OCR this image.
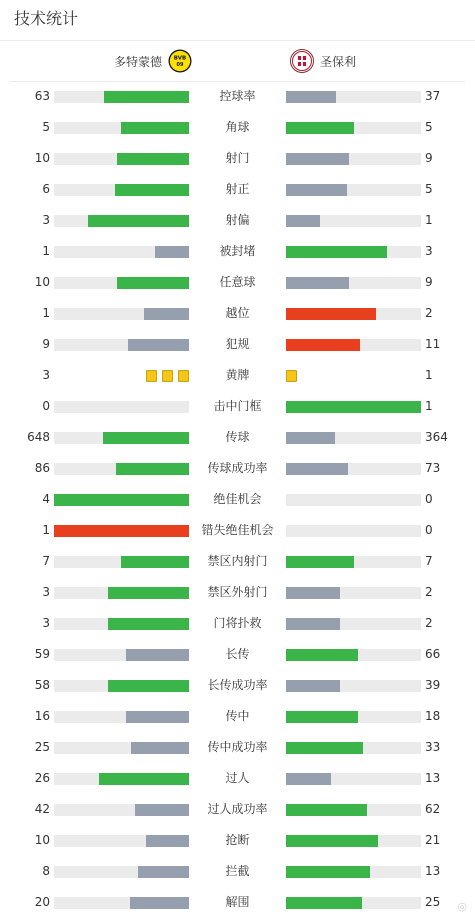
技术统计
多特蒙德 BVB
09	圣保利
63	控球率	37
5	角球	5
10	射门	9
6	射正	5
3	射偏	1
1	被封堵	3
10	任意球	9
1	越位	2
9	犯规	11
3	黄牌	1
0	击中门框	1
648	传球	364
86	传球成功率	73
4	绝佳机会	0
1	错失绝佳机会	0
7	禁区内射门	7
3	禁区外射门	2
3	门将扑救	2
59	长传	66
58	长传成功率	39
16	传中	18
25	传中成功率	33
26	过人	13
42	过人成功率	62
10	抢断	21
8	拦截	13
20	解围	25 ◎
